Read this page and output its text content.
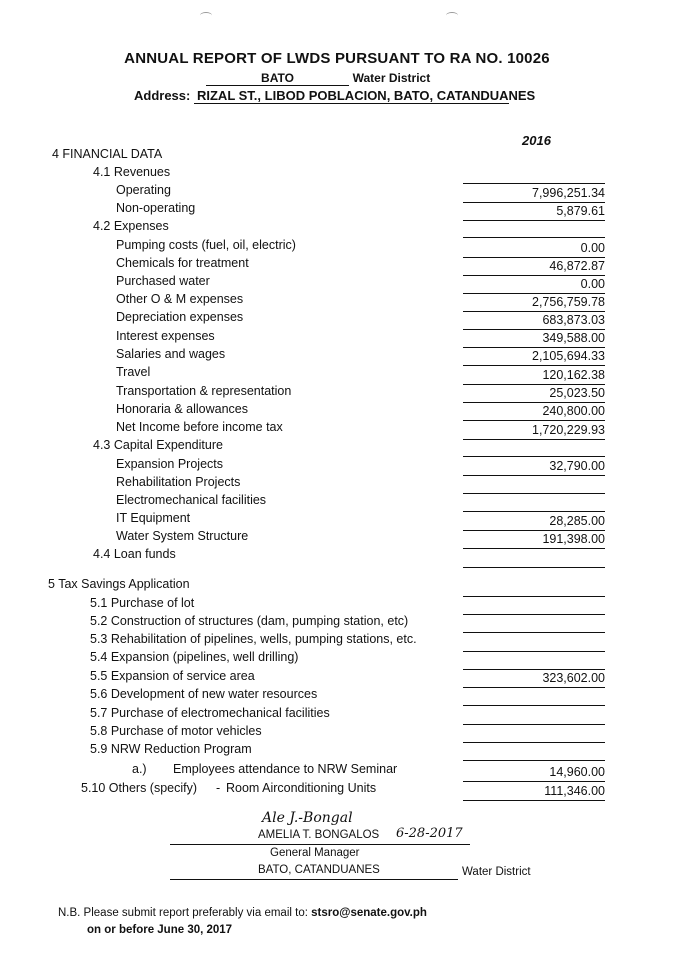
ANNUAL REPORT OF LWDS PURSUANT TO RA NO. 10026
BATO	Water District
Address: RIZAL ST., LIBOD POBLACION, BATO, CATANDUANES
2016
4 FINANCIAL DATA
4.1 Revenues
Operating	7,996,251.34
Non-operating	5,879.61
4.2 Expenses
Pumping costs (fuel, oil, electric)	0.00
Chemicals for treatment	46,872.87
Purchased water	0.00
Other O & M expenses	2,756,759.78
Depreciation expenses	683,873.03
Interest expenses	349,588.00
Salaries and wages	2,105,694.33
Travel	120,162.38
Transportation & representation	25,023.50
Honoraria & allowances	240,800.00
Net Income before income tax	1,720,229.93
4.3 Capital Expenditure
Expansion Projects	32,790.00
Rehabilitation Projects
Electromechanical facilities
IT Equipment	28,285.00
Water System Structure	191,398.00
4.4 Loan funds
5 Tax Savings Application
5.1 Purchase of lot
5.2 Construction of structures (dam, pumping station, etc)
5.3 Rehabilitation of pipelines, wells, pumping stations, etc.
5.4 Expansion (pipelines, well drilling)
5.5 Expansion of service area	323,602.00
5.6 Development of new water resources
5.7 Purchase of electromechanical facilities
5.8 Purchase of motor vehicles
5.9 NRW Reduction Program
a.) Employees attendance to NRW Seminar	14,960.00
5.10 Others (specify) - Room Airconditioning Units	111,346.00
Ale J.-Bongal
AMELIA T. BONGALOS 6-28-2017
General Manager
BATO, CATANDUANES	Water District
N.B. Please submit report preferably via email to: stsro@senate.gov.ph
on or before June 30, 2017
